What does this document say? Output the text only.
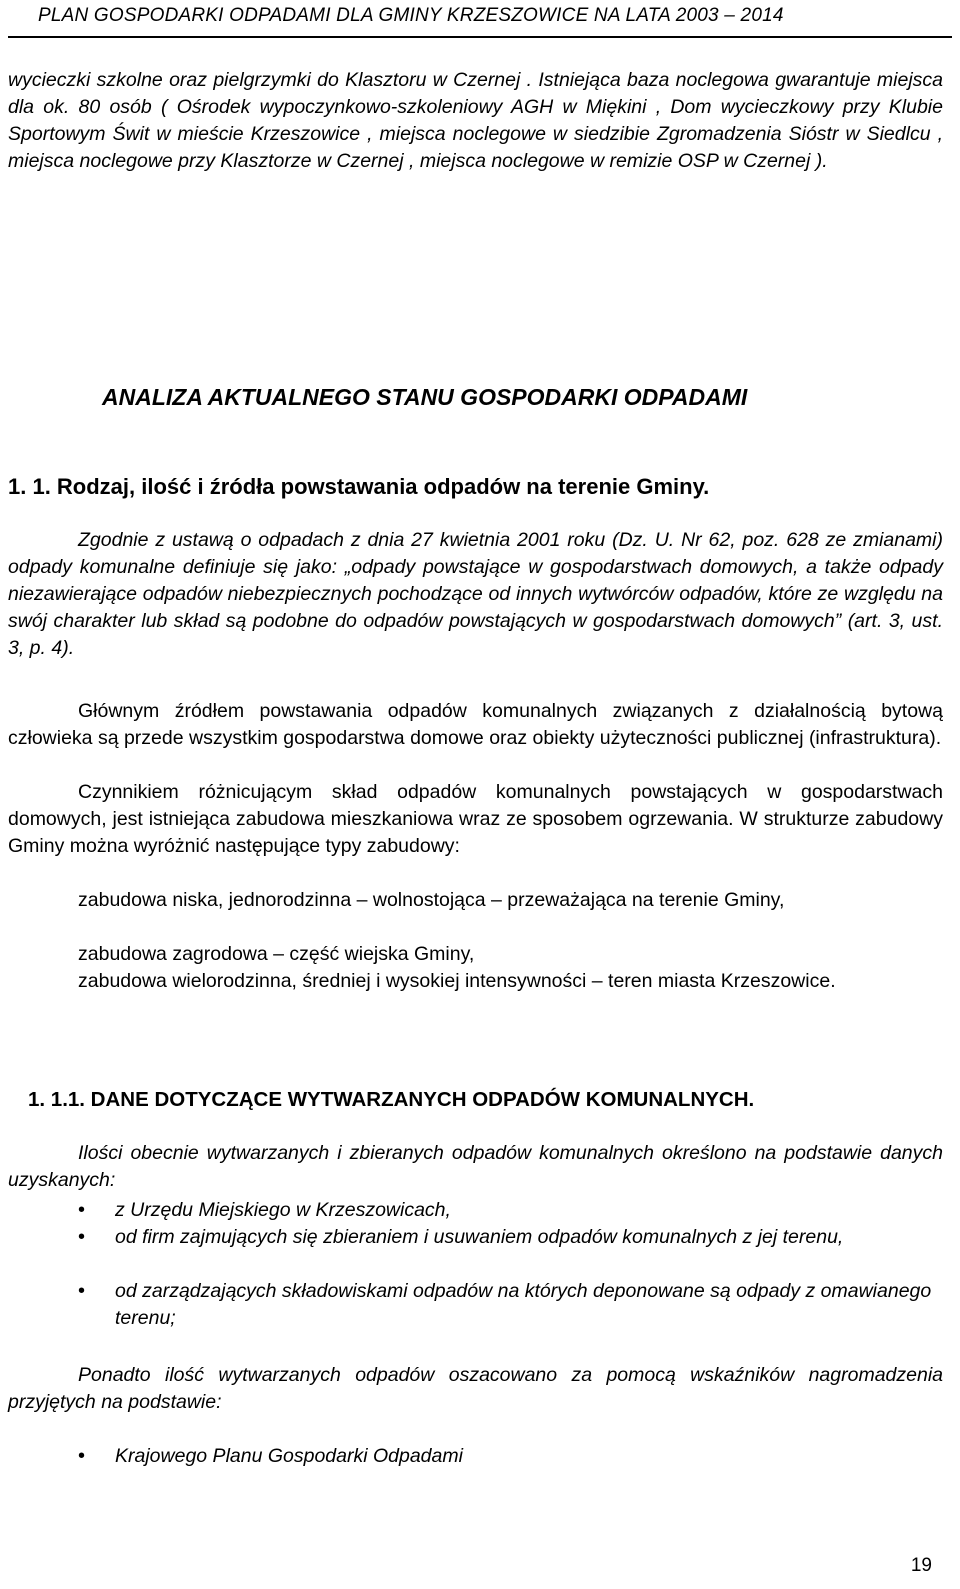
PLAN GOSPODARKI ODPADAMI DLA GMINY KRZESZOWICE NA LATA 2003 – 2014

wycieczki szkolne oraz pielgrzymki do Klasztoru w Czernej . Istniejąca baza noclegowa gwarantuje miejsca dla ok. 80 osób ( Ośrodek wypoczynkowo-szkoleniowy AGH w Miękini , Dom wycieczkowy przy Klubie Sportowym Świt w mieście Krzeszowice , miejsca noclegowe w siedzibie Zgromadzenia Sióstr w Siedlcu , miejsca noclegowe przy Klasztorze w Czernej , miejsca noclegowe w remizie OSP w Czernej ).

ANALIZA AKTUALNEGO STANU GOSPODARKI ODPADAMI
1. 1. Rodzaj, ilość i źródła powstawania odpadów na terenie Gminy.

Zgodnie z ustawą o odpadach z dnia 27 kwietnia 2001 roku (Dz. U. Nr 62, poz. 628 ze zmianami) odpady komunalne definiuje się jako: „odpady powstające w gospodarstwach domowych, a także odpady niezawierające odpadów niebezpiecznych pochodzące od innych wytwórców odpadów, które ze względu na swój charakter lub skład są podobne do odpadów powstających w gospodarstwach domowych” (art. 3, ust. 3, p. 4).

Głównym źródłem powstawania odpadów komunalnych związanych z działalnością bytową człowieka są przede wszystkim gospodarstwa domowe oraz obiekty użyteczności publicznej (infrastruktura).

Czynnikiem różnicującym skład odpadów komunalnych powstających w gospodarstwach domowych, jest istniejąca zabudowa mieszkaniowa wraz ze sposobem ogrzewania. W strukturze zabudowy Gminy można wyróżnić następujące typy zabudowy:

zabudowa niska, jednorodzinna – wolnostojąca – przeważająca na terenie Gminy,
zabudowa zagrodowa – część wiejska Gminy,
zabudowa wielorodzinna, średniej i wysokiej intensywności – teren miasta Krzeszowice.
1. 1.1. DANE DOTYCZĄCE WYTWARZANYCH ODPADÓW KOMUNALNYCH.

Ilości obecnie wytwarzanych i zbieranych odpadów komunalnych określono na podstawie danych uzyskanych:

• z Urzędu Miejskiego w Krzeszowicach,
• od firm zajmujących się zbieraniem i usuwaniem odpadów komunalnych z jej terenu,
• od zarządzających składowiskami odpadów na których deponowane są odpady z omawianego terenu;

Ponadto ilość wytwarzanych odpadów oszacowano za pomocą wskaźników nagromadzenia przyjętych na podstawie:

• Krajowego Planu Gospodarki Odpadami
19
